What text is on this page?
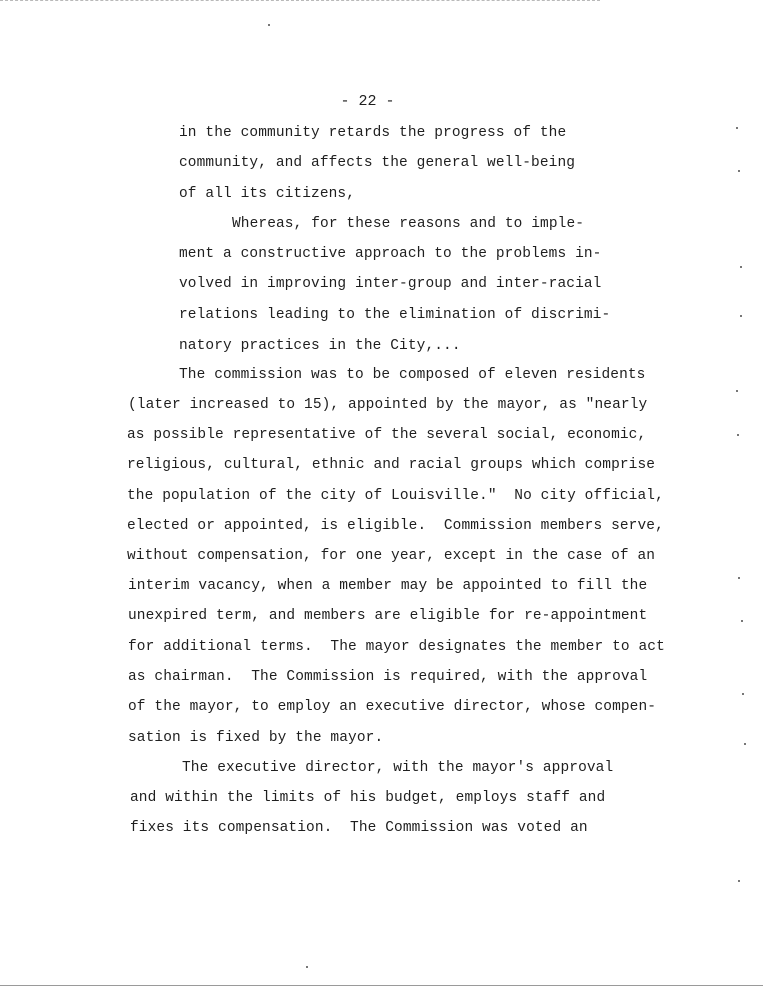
- 22 -
in the community retards the progress of the
community, and affects the general well-being
of all its citizens,
Whereas, for these reasons and to imple-
ment a constructive approach to the problems in-
volved in improving inter-group and inter-racial
relations leading to the elimination of discrimi-
natory practices in the City,...
The commission was to be composed of eleven residents
(later increased to 15), appointed by the mayor, as "nearly
as possible representative of the several social, economic,
religious, cultural, ethnic and racial groups which comprise
the population of the city of Louisville."  No city official,
elected or appointed, is eligible.  Commission members serve,
without compensation, for one year, except in the case of an
interim vacancy, when a member may be appointed to fill the
unexpired term, and members are eligible for re-appointment
for additional terms.  The mayor designates the member to act
as chairman.  The Commission is required, with the approval
of the mayor, to employ an executive director, whose compen-
sation is fixed by the mayor.
The executive director, with the mayor's approval
and within the limits of his budget, employs staff and
fixes its compensation.  The Commission was voted an
